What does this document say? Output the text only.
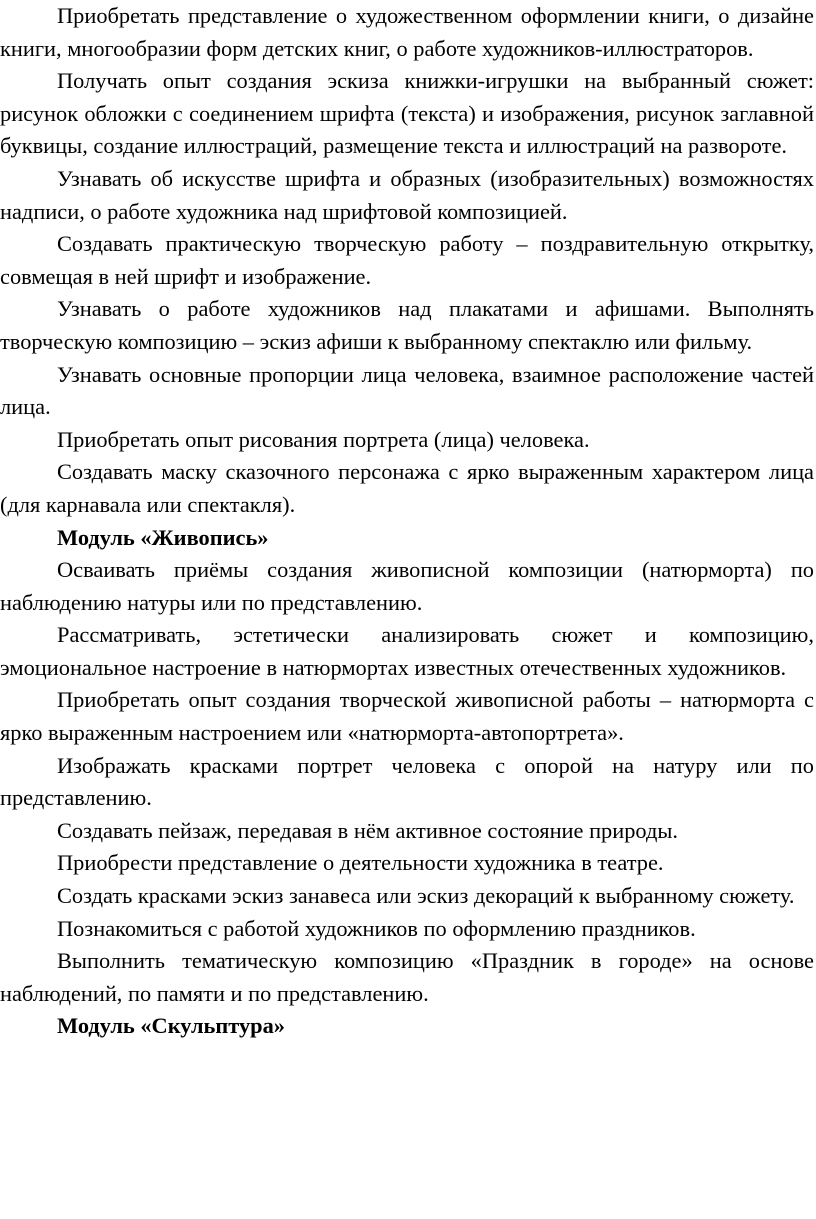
Приобретать представление о художественном оформлении книги, о дизайне книги, многообразии форм детских книг, о работе художников-иллюстраторов.

Получать опыт создания эскиза книжки-игрушки на выбранный сюжет: рисунок обложки с соединением шрифта (текста) и изображения, рисунок заглавной буквицы, создание иллюстраций, размещение текста и иллюстраций на развороте.

Узнавать об искусстве шрифта и образных (изобразительных) возможностях надписи, о работе художника над шрифтовой композицией.

Создавать практическую творческую работу – поздравительную открытку, совмещая в ней шрифт и изображение.

Узнавать о работе художников над плакатами и афишами. Выполнять творческую композицию – эскиз афиши к выбранному спектаклю или фильму.

Узнавать основные пропорции лица человека, взаимное расположение частей лица.

Приобретать опыт рисования портрета (лица) человека.

Создавать маску сказочного персонажа с ярко выраженным характером лица (для карнавала или спектакля).

Модуль «Живопись»

Осваивать приёмы создания живописной композиции (натюрморта) по наблюдению натуры или по представлению.

Рассматривать, эстетически анализировать сюжет и композицию, эмоциональное настроение в натюрмортах известных отечественных художников.

Приобретать опыт создания творческой живописной работы – натюрморта с ярко выраженным настроением или «натюрморта-автопортрета».

Изображать красками портрет человека с опорой на натуру или по представлению.

Создавать пейзаж, передавая в нём активное состояние природы.

Приобрести представление о деятельности художника в театре.

Создать красками эскиз занавеса или эскиз декораций к выбранному сюжету.

Познакомиться с работой художников по оформлению праздников.

Выполнить тематическую композицию «Праздник в городе» на основе наблюдений, по памяти и по представлению.

Модуль «Скульптура»
